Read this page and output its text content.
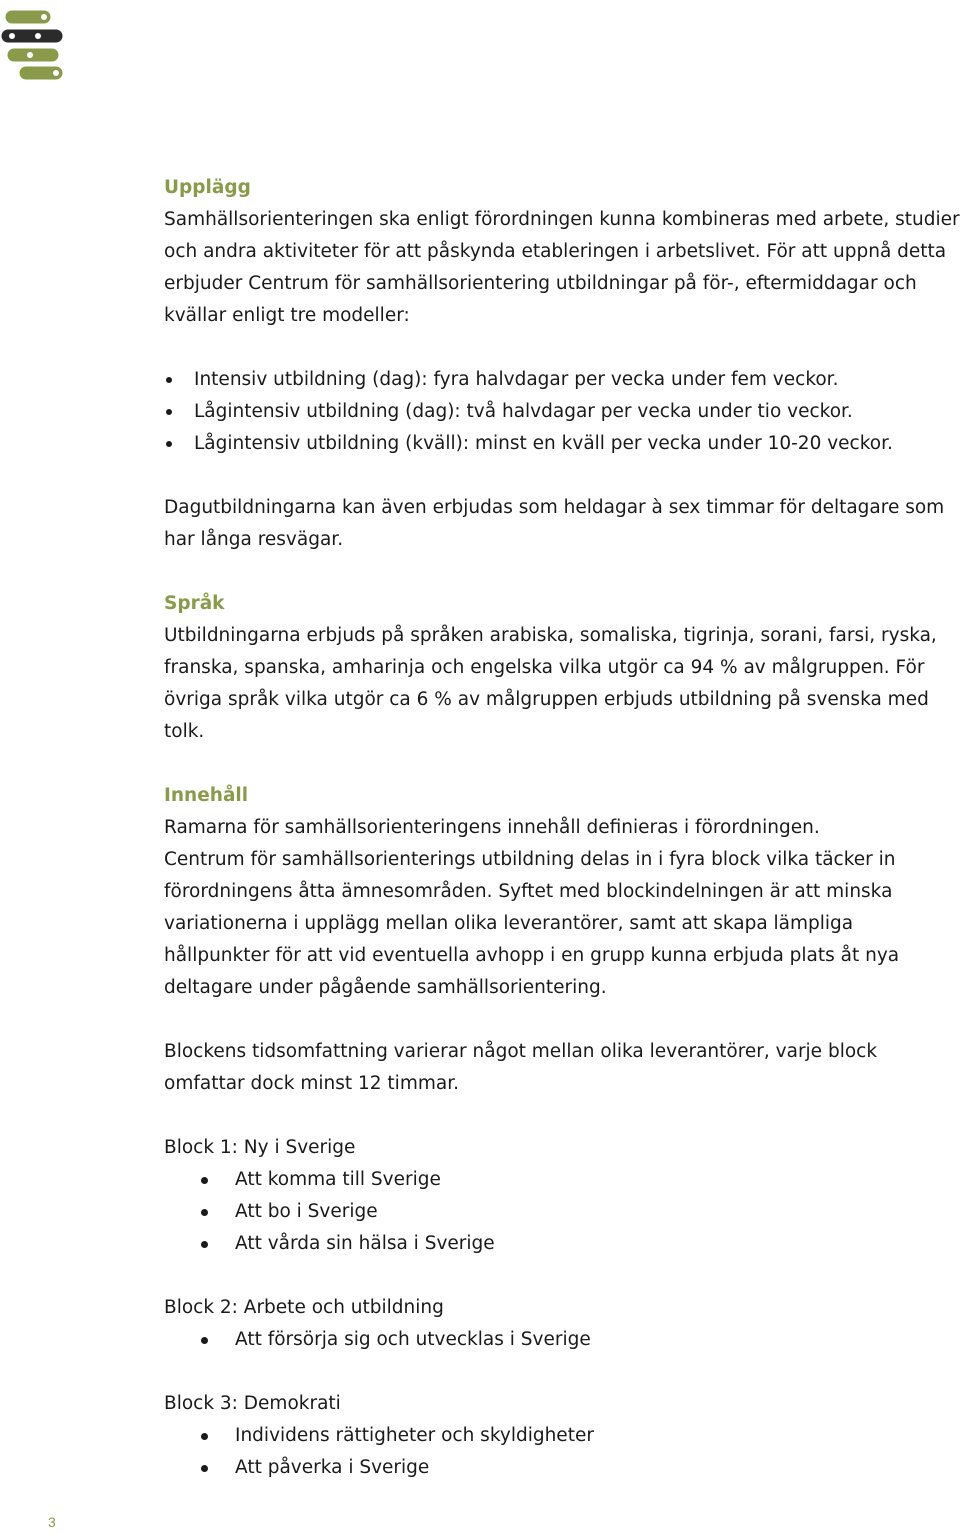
Upplägg

Samhällsorienteringen ska enligt förordningen kunna kombineras med arbete, studier och andra aktiviteter för att påskynda etableringen i arbetslivet. För att uppnå detta erbjuder Centrum för samhällsorientering utbildningar på för-, eftermiddagar och kvällar enligt tre modeller:

Intensiv utbildning (dag): fyra halvdagar per vecka under fem veckor.
Lågintensiv utbildning (dag): två halvdagar per vecka under tio veckor.
Lågintensiv utbildning (kväll): minst en kväll per vecka under 10-20 veckor.

Dagutbildningarna kan även erbjudas som heldagar à sex timmar för deltagare som har långa resvägar.

Språk

Utbildningarna erbjuds på språken arabiska, somaliska, tigrinja, sorani, farsi, ryska, franska, spanska, amharinja och engelska vilka utgör ca 94 % av målgruppen. För övriga språk vilka utgör ca 6 % av målgruppen erbjuds utbildning på svenska med tolk.

Innehåll

Ramarna för samhällsorienteringens innehåll definieras i förordningen.

Centrum för samhällsorienterings utbildning delas in i fyra block vilka täcker in förordningens åtta ämnesområden. Syftet med blockindelningen är att minska variationerna i upplägg mellan olika leverantörer, samt att skapa lämpliga hållpunkter för att vid eventuella avhopp i en grupp kunna erbjuda plats åt nya deltagare under pågående samhällsorientering.

Blockens tidsomfattning varierar något mellan olika leverantörer, varje block omfattar dock minst 12 timmar.

Block 1: Ny i Sverige
Att komma till Sverige
Att bo i Sverige
Att vårda sin hälsa i Sverige
Block 2: Arbete och utbildning
Att försörja sig och utvecklas i Sverige
Block 3: Demokrati
Individens rättigheter och skyldigheter
Att påverka i Sverige
3
